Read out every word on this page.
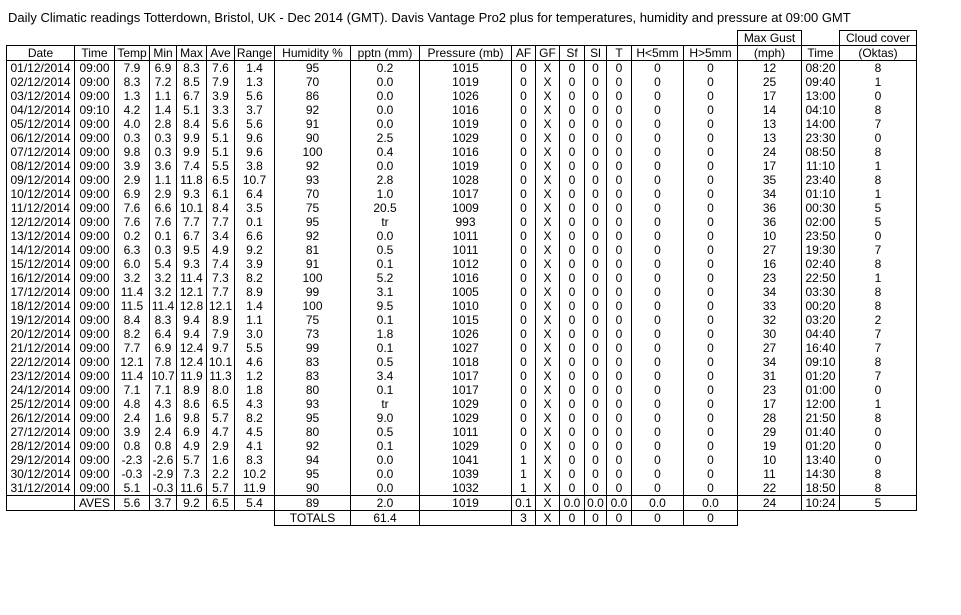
Daily Climatic readings Totterdown, Bristol, UK - Dec 2014 (GMT). Davis Vantage Pro2 plus for temperatures, humidity and pressure at 09:00 GMT
																	Max Gust		Cloud cover
Date	Time	Temp	Min	Max	Ave	Range	Humidity %	pptn (mm)	Pressure (mb)	AF	GF	Sf	Sl	T	H<5mm	H>5mm	(mph)	Time	(Oktas)
01/12/2014	09:00	7.9	6.9	8.3	7.6	1.4	95	0.2	1015	0	X	0	0	0	0	0	12	08:20	8
02/12/2014	09:00	8.3	7.2	8.5	7.9	1.3	70	0.0	1019	0	X	0	0	0	0	0	25	09:40	1
03/12/2014	09:00	1.3	1.1	6.7	3.9	5.6	86	0.0	1026	0	X	0	0	0	0	0	17	13:00	0
04/12/2014	09:10	4.2	1.4	5.1	3.3	3.7	92	0.0	1016	0	X	0	0	0	0	0	14	04:10	8
05/12/2014	09:00	4.0	2.8	8.4	5.6	5.6	91	0.0	1019	0	X	0	0	0	0	0	13	14:00	7
06/12/2014	09:00	0.3	0.3	9.9	5.1	9.6	90	2.5	1029	0	X	0	0	0	0	0	13	23:30	0
07/12/2014	09:00	9.8	0.3	9.9	5.1	9.6	100	0.4	1016	0	X	0	0	0	0	0	24	08:50	8
08/12/2014	09:00	3.9	3.6	7.4	5.5	3.8	92	0.0	1019	0	X	0	0	0	0	0	17	11:10	1
09/12/2014	09:00	2.9	1.1	11.8	6.5	10.7	93	2.8	1028	0	X	0	0	0	0	0	35	23:40	8
10/12/2014	09:00	6.9	2.9	9.3	6.1	6.4	70	1.0	1017	0	X	0	0	0	0	0	34	01:10	1
11/12/2014	09:00	7.6	6.6	10.1	8.4	3.5	75	20.5	1009	0	X	0	0	0	0	0	36	00:30	5
12/12/2014	09:00	7.6	7.6	7.7	7.7	0.1	95	tr	993	0	X	0	0	0	0	0	36	02:00	5
13/12/2014	09:00	0.2	0.1	6.7	3.4	6.6	92	0.0	1011	0	X	0	0	0	0	0	10	23:50	0
14/12/2014	09:00	6.3	0.3	9.5	4.9	9.2	81	0.5	1011	0	X	0	0	0	0	0	27	19:30	7
15/12/2014	09:00	6.0	5.4	9.3	7.4	3.9	91	0.1	1012	0	X	0	0	0	0	0	16	02:40	8
16/12/2014	09:00	3.2	3.2	11.4	7.3	8.2	100	5.2	1016	0	X	0	0	0	0	0	23	22:50	1
17/12/2014	09:00	11.4	3.2	12.1	7.7	8.9	99	3.1	1005	0	X	0	0	0	0	0	34	03:30	8
18/12/2014	09:00	11.5	11.4	12.8	12.1	1.4	100	9.5	1010	0	X	0	0	0	0	0	33	00:20	8
19/12/2014	09:00	8.4	8.3	9.4	8.9	1.1	75	0.1	1015	0	X	0	0	0	0	0	32	03:20	2
20/12/2014	09:00	8.2	6.4	9.4	7.9	3.0	73	1.8	1026	0	X	0	0	0	0	0	30	04:40	7
21/12/2014	09:00	7.7	6.9	12.4	9.7	5.5	99	0.1	1027	0	X	0	0	0	0	0	27	16:40	7
22/12/2014	09:00	12.1	7.8	12.4	10.1	4.6	83	0.5	1018	0	X	0	0	0	0	0	34	09:10	8
23/12/2014	09:00	11.4	10.7	11.9	11.3	1.2	83	3.4	1017	0	X	0	0	0	0	0	31	01:20	7
24/12/2014	09:00	7.1	7.1	8.9	8.0	1.8	80	0.1	1017	0	X	0	0	0	0	0	23	01:00	0
25/12/2014	09:00	4.8	4.3	8.6	6.5	4.3	93	tr	1029	0	X	0	0	0	0	0	17	12:00	1
26/12/2014	09:00	2.4	1.6	9.8	5.7	8.2	95	9.0	1029	0	X	0	0	0	0	0	28	21:50	8
27/12/2014	09:00	3.9	2.4	6.9	4.7	4.5	80	0.5	1011	0	X	0	0	0	0	0	29	01:40	0
28/12/2014	09:00	0.8	0.8	4.9	2.9	4.1	92	0.1	1029	0	X	0	0	0	0	0	19	01:20	0
29/12/2014	09:00	-2.3	-2.6	5.7	1.6	8.3	94	0.0	1041	1	X	0	0	0	0	0	10	13:40	0
30/12/2014	09:00	-0.3	-2.9	7.3	2.2	10.2	95	0.0	1039	1	X	0	0	0	0	0	11	14:30	8
31/12/2014	09:00	5.1	-0.3	11.6	5.7	11.9	90	0.0	1032	1	X	0	0	0	0	0	22	18:50	8
	AVES	5.6	3.7	9.2	6.5	5.4	89	2.0	1019	0.1	X	0.0	0.0	0.0	0.0	0.0	24	10:24	5
							TOTALS	61.4		3	X	0	0	0	0	0			
